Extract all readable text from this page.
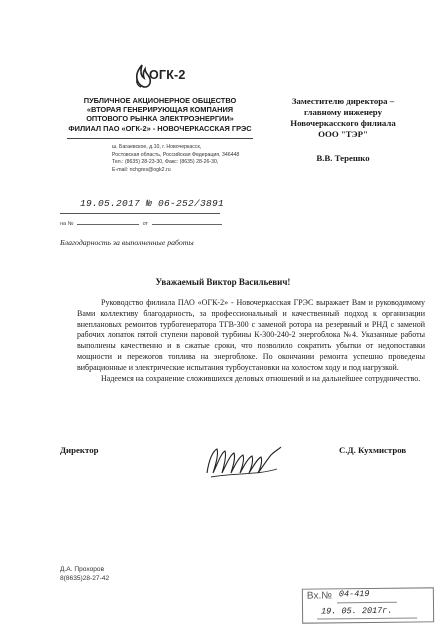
ОГК-2
ПУБЛИЧНОЕ АКЦИОНЕРНОЕ ОБЩЕСТВО
«ВТОРАЯ ГЕНЕРИРУЮЩАЯ КОМПАНИЯ
ОПТОВОГО РЫНКА ЭЛЕКТРОЭНЕРГИИ»
ФИЛИАЛ ПАО «ОГК-2» - НОВОЧЕРКАССКАЯ ГРЭС
ш. Багаевское, д.10, г. Новочеркасск,
Ростовская область, Российская Федерация, 346448
Тел.: (8635) 28-23-30, Факс: (8635) 28-26-30,
E-mail: nchgres@ogk2.ru
Заместителю директора –
главному инженеру
Новочеркасского филиала
ООО "ТЭР"
В.В. Терешко
19.05.2017 № 06-252/3891
на №	от
Благодарность за выполненные работы
Уважаемый Виктор Васильевич!

Руководство филиала ПАО «ОГК-2» - Новочеркасская ГРЭС выражает Вам и руководимому Вами коллективу благодарность, за профессиональный и качественный подход к организации внеплановых ремонтов турбогенератора ТГВ-300 с заменой ротора на резервный и РНД с заменой рабочих лопаток пятой ступени паровой турбины К-300-240-2 энергоблока №4. Указанные работы выполнены качественно и в сжатые сроки, что позволило сократить убытки от недопоставки мощности и пережогов топлива на энергоблоке. По окончании ремонта успешно проведены вибрационные и электрические испытания турбоустановки на холостом ходу и под нагрузкой.

Надеемся на сохранение сложившихся деловых отношений и на дальнейшее сотрудничество.

Директор	С.Д. Кухмистров
Д.А. Прохоров
8(8635)28-27-42
Вх.№ 04-419
19. 05. 2017г.
